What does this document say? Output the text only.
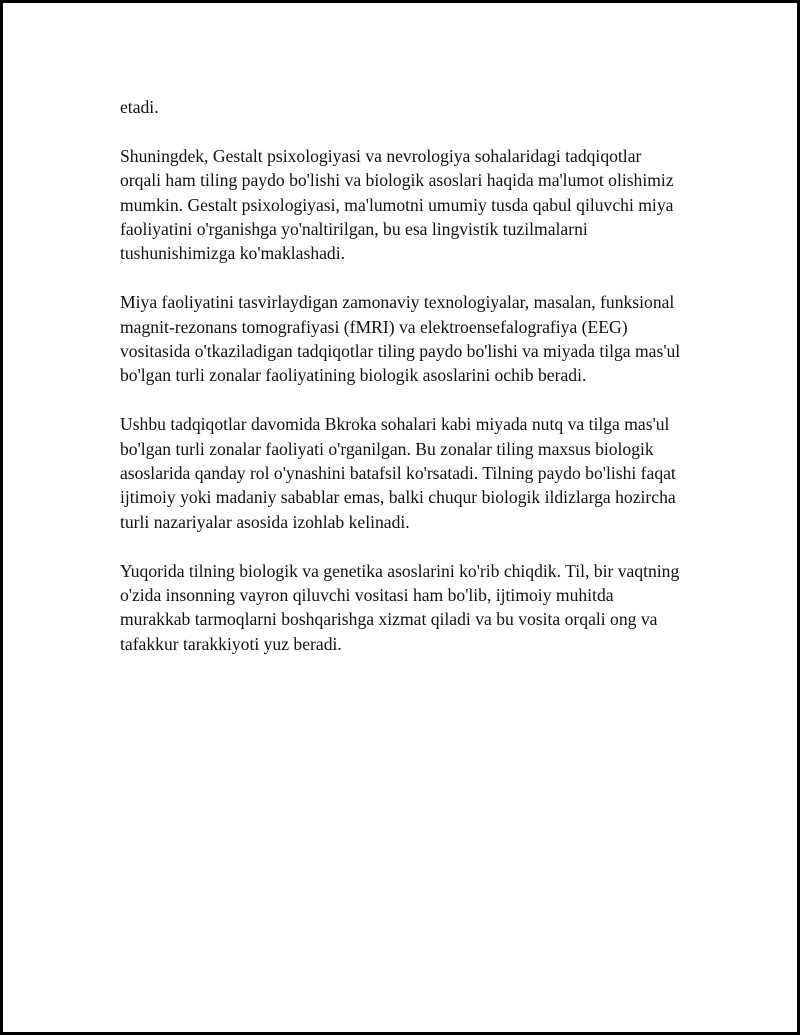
etadi.

Shuningdek, Gestalt psixologiyasi va nevrologiya sohalaridagi tadqiqotlar orqali ham tiling paydo bo'lishi va biologik asoslari haqida ma'lumot olishimiz mumkin. Gestalt psixologiyasi, ma'lumotni umumiy tusda qabul qiluvchi miya faoliyatini o'rganishga yo'naltirilgan, bu esa lingvistik tuzilmalarni tushunishimizga ko'maklashadi.

Miya faoliyatini tasvirlaydigan zamonaviy texnologiyalar, masalan, funksional magnit-rezonans tomografiyasi (fMRI) va elektroensefalografiya (EEG) vositasida o'tkaziladigan tadqiqotlar tiling paydo bo'lishi va miyada tilga mas'ul bo'lgan turli zonalar faoliyatining biologik asoslarini ochib beradi.

Ushbu tadqiqotlar davomida Bkroka sohalari kabi miyada nutq va tilga mas'ul bo'lgan turli zonalar faoliyati o'rganilgan. Bu zonalar tiling maxsus biologik asoslarida qanday rol o'ynashini batafsil ko'rsatadi. Tilning paydo bo'lishi faqat ijtimoiy yoki madaniy sabablar emas, balki chuqur biologik ildizlarga hozircha turli nazariyalar asosida izohlab kelinadi.

Yuqorida tilning biologik va genetika asoslarini ko'rib chiqdik. Til, bir vaqtning o'zida insonning vayron qiluvchi vositasi ham bo'lib, ijtimoiy muhitda murakkab tarmoqlarni boshqarishga xizmat qiladi va bu vosita orqali ong va tafakkur tarakkiyoti yuz beradi.
